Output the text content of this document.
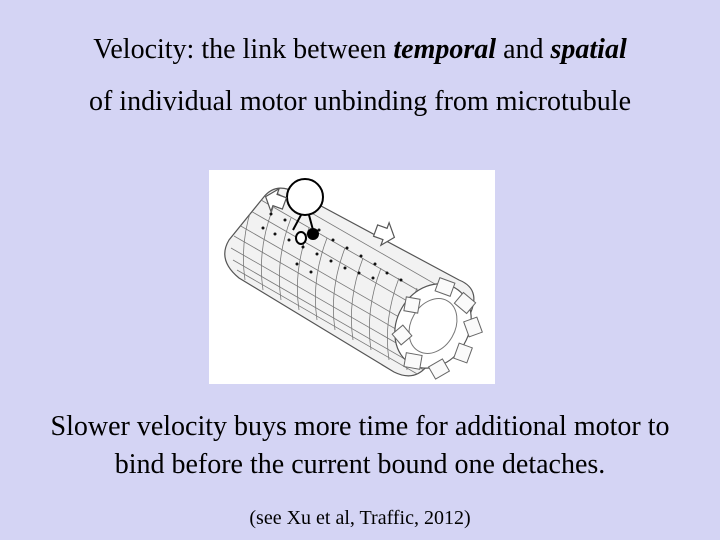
Velocity: the link between temporal and spatial
of individual motor unbinding from microtubule
Slower velocity buys more time for additional motor to
bind before the current bound one detaches.
(see Xu et al, Traffic, 2012)
